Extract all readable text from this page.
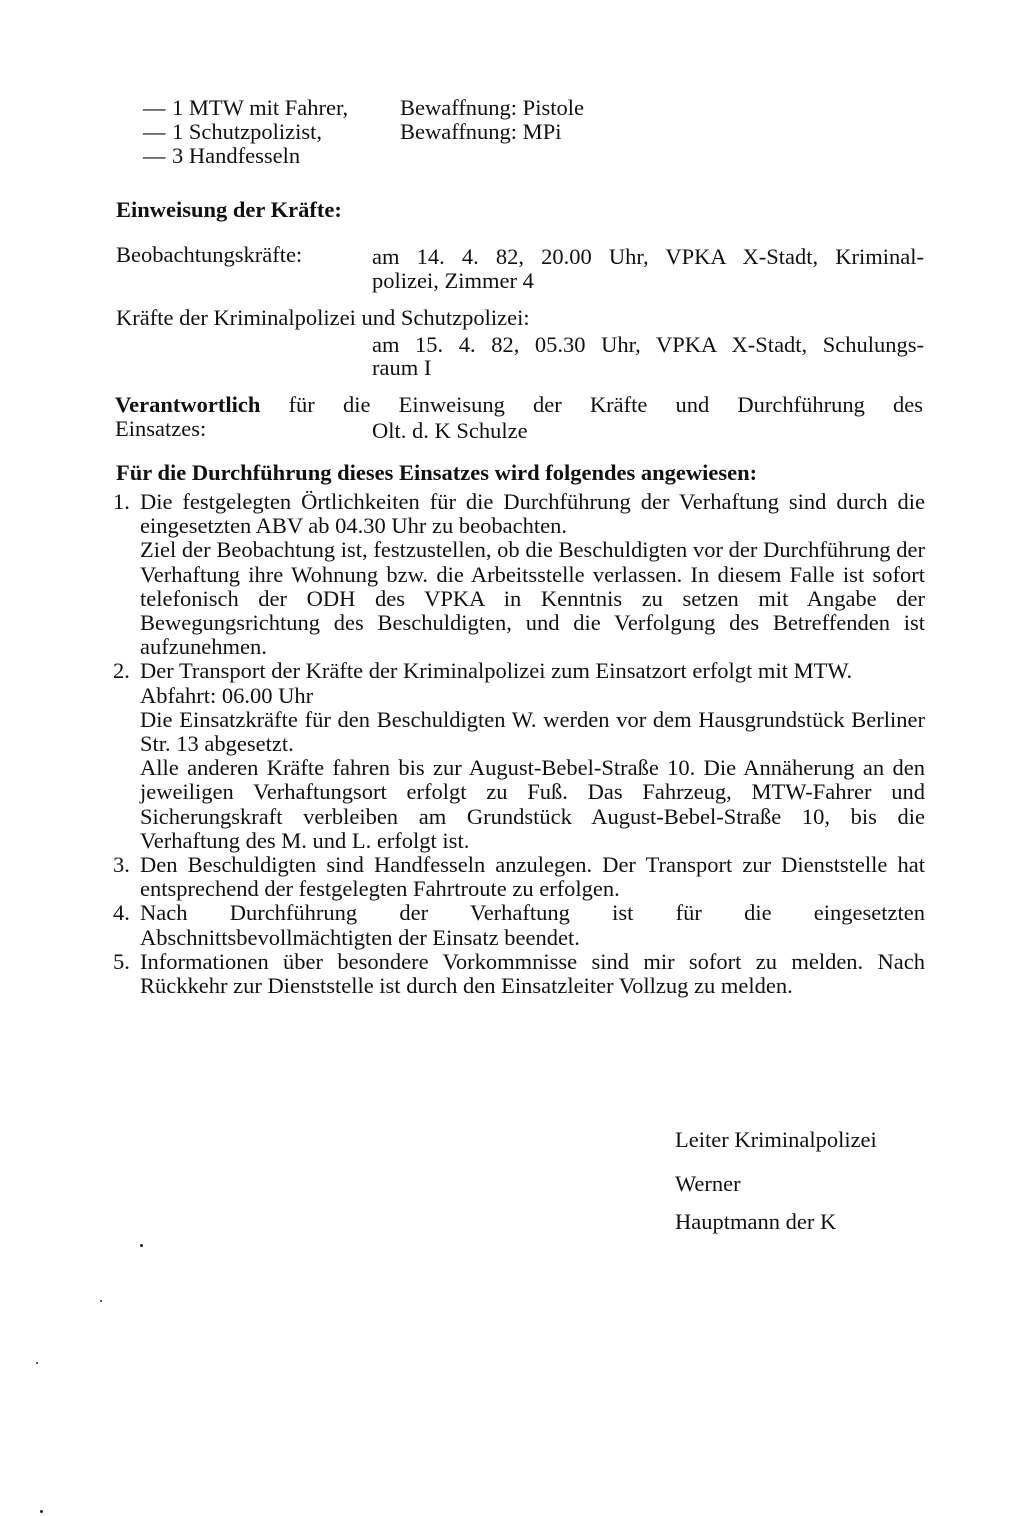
— 1 MTW mit Fahrer, Bewaffnung: Pistole
— 1 Schutzpolizist,	Bewaffnung: MPi
— 3 Handfesseln
Einweisung der Kräfte:
Beobachtungskräfte:	am 14. 4. 82, 20.00 Uhr, VPKA X-Stadt, Kriminal-
polizei, Zimmer 4
Kräfte der Kriminalpolizei und Schutzpolizei:
am 15. 4. 82, 05.30 Uhr, VPKA X-Stadt, Schulungs-
raum I
Verantwortlich für die Einweisung der Kräfte und Durchführung des
Einsatzes:	Olt. d. K Schulze
Für die Durchführung dieses Einsatzes wird folgendes angewiesen:
1. Die festgelegten Örtlichkeiten für die Durchführung der Verhaftung sind durch die eingesetzten ABV ab 04.30 Uhr zu beobachten.

Ziel der Beobachtung ist, festzustellen, ob die Beschuldigten vor der Durchführung der Verhaftung ihre Wohnung bzw. die Arbeitsstelle verlassen. In diesem Falle ist sofort telefonisch der ODH des VPKA in Kenntnis zu setzen mit Angabe der Bewegungsrichtung des Beschuldigten, und die Verfolgung des Betreffenden ist aufzunehmen.

2. Der Transport der Kräfte der Kriminalpolizei zum Einsatzort erfolgt mit MTW.

Abfahrt: 06.00 Uhr

Die Einsatzkräfte für den Beschuldigten W. werden vor dem Hausgrundstück Berliner Str. 13 abgesetzt.

Alle anderen Kräfte fahren bis zur August-Bebel-Straße 10. Die Annäherung an den jeweiligen Verhaftungsort erfolgt zu Fuß. Das Fahrzeug, MTW-Fahrer und Sicherungskraft verbleiben am Grundstück August-Bebel-Straße 10, bis die Verhaftung des M. und L. erfolgt ist.

3. Den Beschuldigten sind Handfesseln anzulegen. Der Transport zur Dienststelle hat entsprechend der festgelegten Fahrtroute zu erfolgen.

4. Nach Durchführung der Verhaftung ist für die eingesetzten Abschnittsbevollmächtigten der Einsatz beendet.

5. Informationen über besondere Vorkommnisse sind mir sofort zu melden. Nach Rückkehr zur Dienststelle ist durch den Einsatzleiter Vollzug zu melden.

Leiter Kriminalpolizei
Werner
Hauptmann der K
